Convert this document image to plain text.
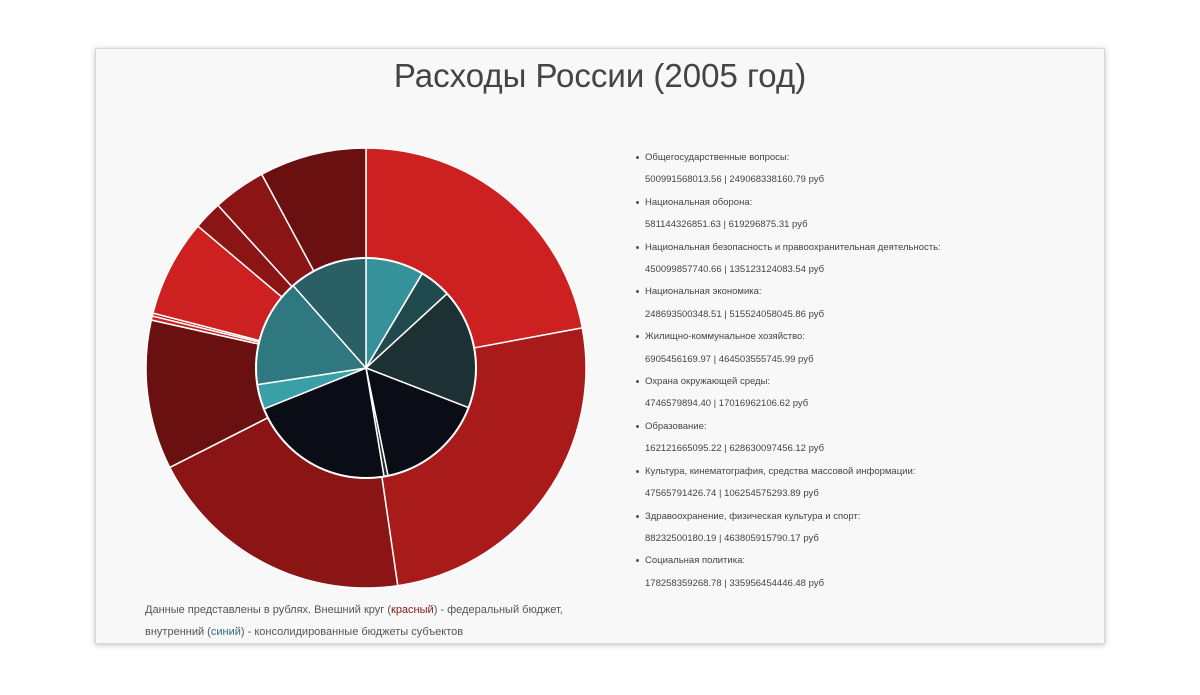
Расходы России (2005 год)
Общегосударственные вопросы:
500991568013.56 | 249068338160.79 руб
Национальная оборона:
581144326851.63 | 619296875.31 руб
Национальная безопасность и правоохранительная деятельность:
450099857740.66 | 135123124083.54 руб
Национальная экономика:
248693500348.51 | 515524058045.86 руб
Жилищно-коммунальное хозяйство:
6905456169.97 | 464503555745.99 руб
Охрана окружающей среды:
4746579894.40 | 17016962106.62 руб
Образование:
162121665095.22 | 628630097456.12 руб
Культура, кинематография, средства массовой информации:
47565791426.74 | 106254575293.89 руб
Здравоохранение, физическая культура и спорт:
88232500180.19 | 463805915790.17 руб
Социальная политика:
178258359268.78 | 335956454446.48 руб
Данные представлены в рублях. Внешний круг (красный) - федеральный бюджет,
внутренний (синий) - консолидированные бюджеты субъектов
